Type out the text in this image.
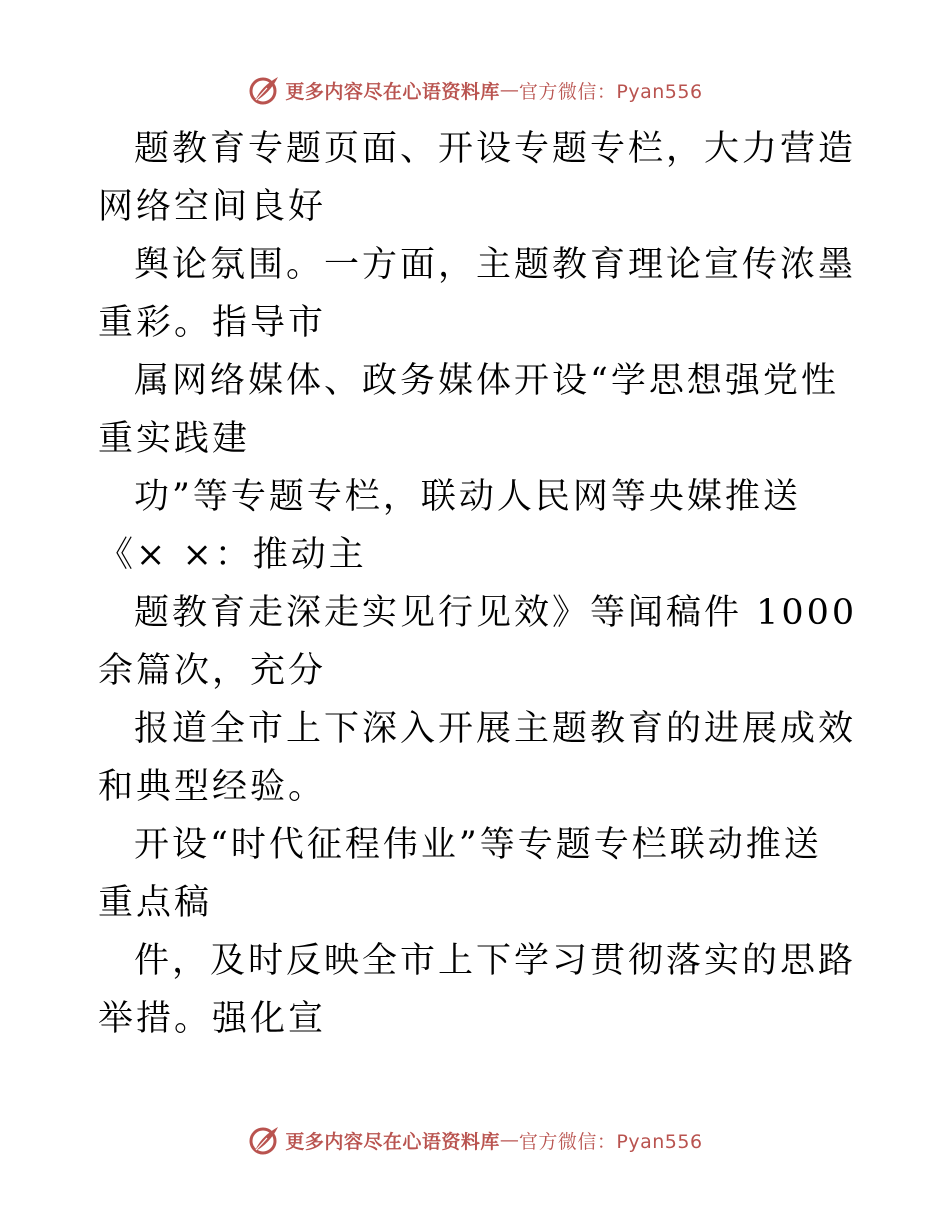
更多内容尽在心语资料库 — 官方微信：Pyan556

题教育专题页面、开设专题专栏，大力营造网络空间良好

舆论氛围。一方面，主题教育理论宣传浓墨重彩。指导市

属网络媒体、政务媒体开设“学思想强党性重实践建

功”等专题专栏，联动人民网等央媒推送《× ×：推动主

题教育走深走实见行见效》等闻稿件 1000 余篇次，充分

报道全市上下深入开展主题教育的进展成效和典型经验。

开设“时代征程伟业”等专题专栏联动推送重点稿

件，及时反映全市上下学习贯彻落实的思路举措。强化宣

更多内容尽在心语资料库 — 官方微信：Pyan556
